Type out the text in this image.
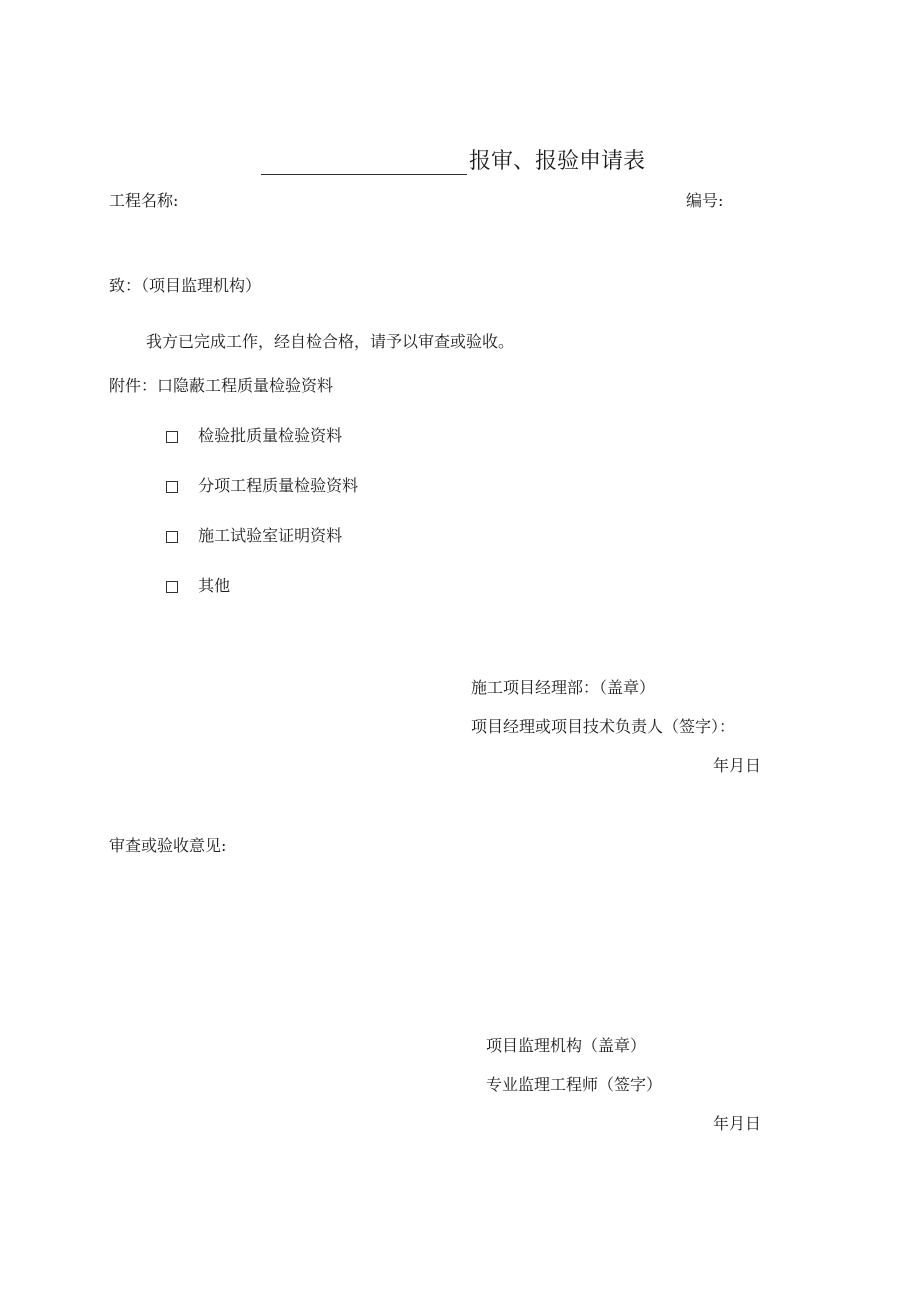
报审、报验申请表
工程名称:	编号:
致：（项目监理机构）
我方已完成工作，经自检合格，请予以审查或验收。
附件：口隐蔽工程质量检验资料
检验批质量检验资料
分项工程质量检验资料
施工试验室证明资料
其他
施工项目经理部：（盖章）
项目经理或项目技术负责人（签字）：
年月日
审查或验收意见:
项目监理机构（盖章）
专业监理工程师（签字）
年月日
